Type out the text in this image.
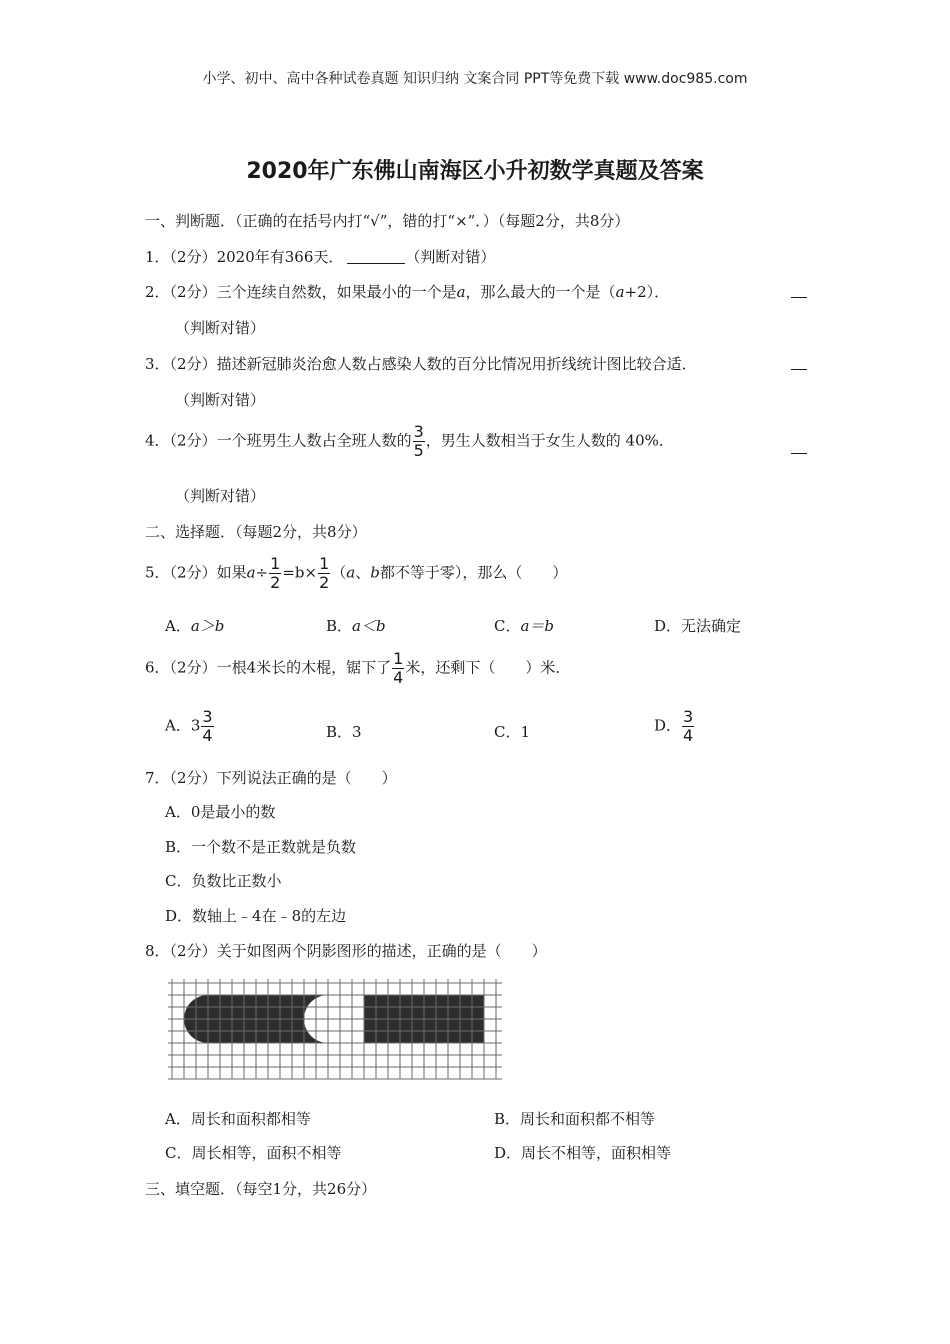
小学、初中、高中各种试卷真题 知识归纳 文案合同 PPT等免费下载 www.doc985.com
2020年广东佛山南海区小升初数学真题及答案
一、判断题．（正确的在括号内打“√”，错的打“×”．）（每题2分，共8分）
1．（2分）2020年有366天．	（判断对错）
2．（2分）三个连续自然数，如果最小的一个是a，那么最大的一个是（a+2）．
（判断对错）
3．（2分）描述新冠肺炎治愈人数占感染人数的百分比情况用折线统计图比较合适．
（判断对错）
4．（2分）一个班男生人数占全班人数的 $\frac{3}{5}$ ，男生人数相当于女生人数的 40%．
（判断对错）
二、选择题．（每题2分，共8分）
5．（2分）如果$a\div \frac{1}{2} =b\times \frac{1}{2} (a$、b都不等于零），那么（　　）
A．a＞b	B．a＜b	C．a＝b	D．无法确定
6．（2分）一根4米长的木棍，锯下了 $\frac{1}{4}$ 米，还剩下（　　）米．
A．$3 \frac{3}{4}$	B．3	C．1	D． $\frac{3}{4}$
7．（2分）下列说法正确的是（　　）
A．0是最小的数
B．一个数不是正数就是负数
C．负数比正数小
D．数轴上﹣4在﹣8的左边
8．（2分）关于如图两个阴影图形的描述，正确的是（　　）
A．周长和面积都相等	B．周长和面积都不相等
C．周长相等，面积不相等	D．周长不相等，面积相等
三、填空题．（每空1分，共26分）
